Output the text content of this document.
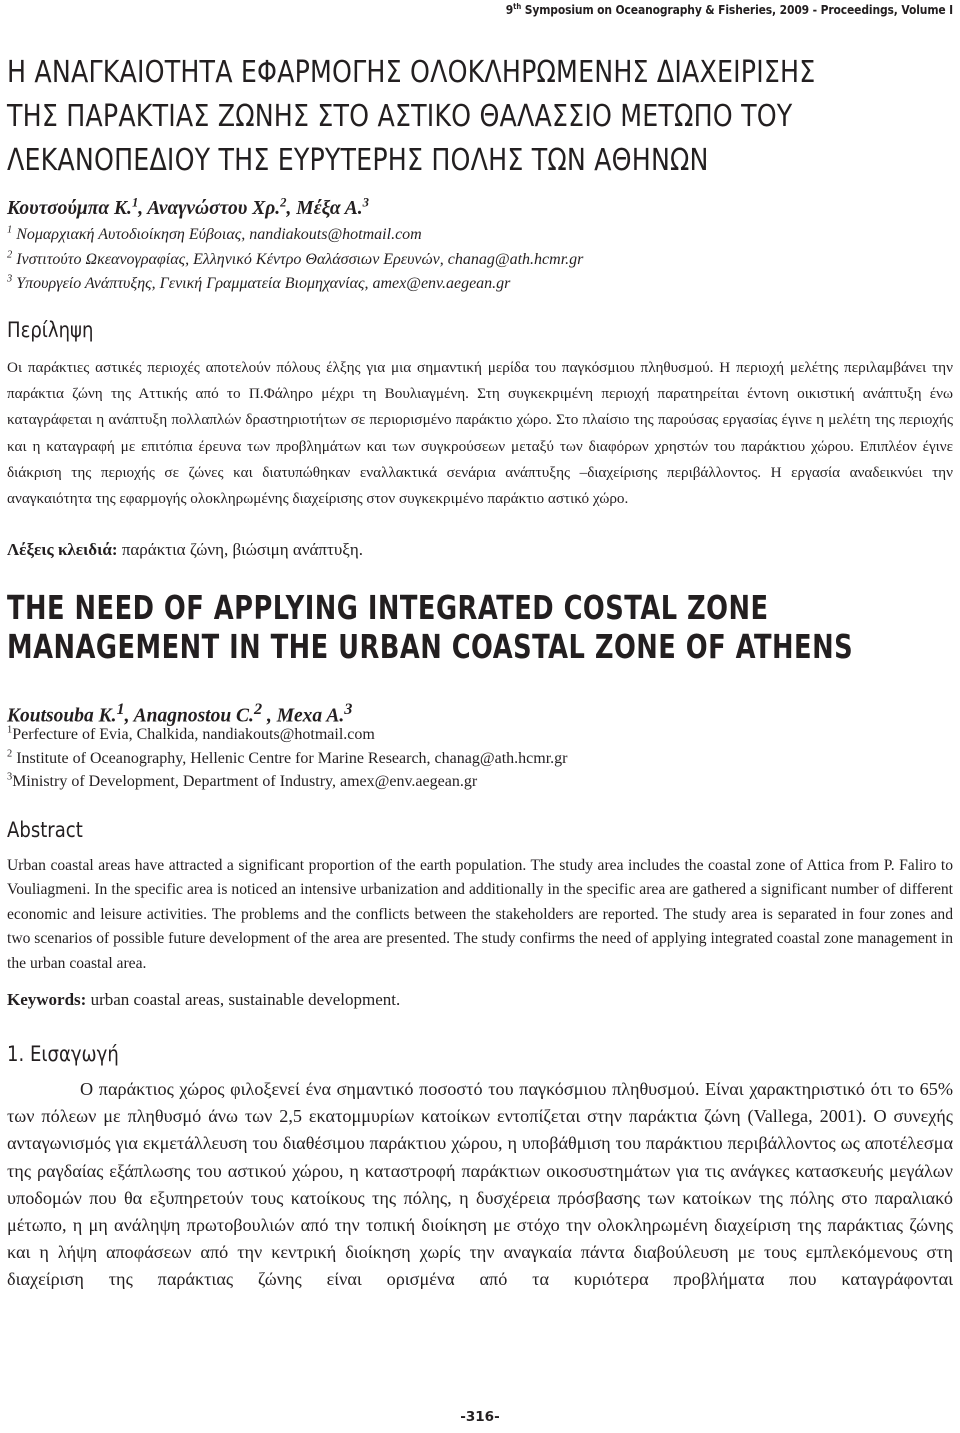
9th Symposium on Oceanography & Fisheries, 2009 - Proceedings, Volume I
Η ΑΝΑΓΚΑΙΟΤΗΤΑ ΕΦΑΡΜΟΓΗΣ ΟΛΟΚΛΗΡΩΜΕΝΗΣ ΔΙΑΧΕΙΡΙΣΗΣ
ΤΗΣ ΠΑΡΑΚΤΙΑΣ ΖΩΝΗΣ ΣΤΟ ΑΣΤΙΚΟ ΘΑΛΑΣΣΙΟ ΜΕΤΩΠΟ ΤΟΥ
ΛΕΚΑΝΟΠΕΔΙΟΥ ΤΗΣ ΕΥΡΥΤΕΡΗΣ ΠΟΛΗΣ ΤΩΝ ΑΘΗΝΩΝ
Κουτσούμπα Κ.$^1$, Αναγνώστου Χρ.$^2$, Μέξα Α.$^3$
$^1$ Νομαρχιακή Αυτοδιοίκηση Εύβοιας, nandiakouts@hotmail.com
$^2$ Ινστιτούτο Ωκεανογραφίας, Ελληνικό Κέντρο Θαλάσσιων Ερευνών, chanag@ath.hcmr.gr
$^3$ Υπουργείο Ανάπτυξης, Γενική Γραμματεία Βιομηχανίας, amex@env.aegean.gr
Περίληψη

Οι παράκτιες αστικές περιοχές αποτελούν πόλους έλξης για μια σημαντική μερίδα του παγκόσμιου πληθυσμού. Η περιοχή μελέτης περιλαμβάνει την παράκτια ζώνη της Αττικής από το Π.Φάληρο μέχρι τη Βουλιαγμένη. Στη συγκεκριμένη περιοχή παρατηρείται έντονη οικιστική ανάπτυξη ένω καταγράφεται η ανάπτυξη πολλαπλών δραστηριοτήτων σε περιορισμένο παράκτιο χώρο. Στο πλαίσιο της παρούσας εργασίας έγινε η μελέτη της περιοχής και η καταγραφή με επιτόπια έρευνα των προβλημάτων και των συγκρούσεων μεταξύ των διαφόρων χρηστών του παράκτιου χώρου. Επιπλέον έγινε διάκριση της περιοχής σε ζώνες και διατυπώθηκαν εναλλακτικά σενάρια ανάπτυξης –διαχείρισης περιβάλλοντος. Η εργασία αναδεικνύει την αναγκαιότητα της εφαρμογής ολοκληρωμένης διαχείρισης στον συγκεκριμένο παράκτιο αστικό χώρο.

Λέξεις κλειδιά: παράκτια ζώνη, βιώσιμη ανάπτυξη.
THE NEED OF APPLYING INTEGRATED COSTAL ZONE
MANAGEMENT IN THE URBAN COASTAL ZONE OF ATHENS
Koutsouba K.$^1$, Anagnostou C.$^2$ , Mexa A.$^3$
$^1$Perfecture of Evia, Chalkida, nandiakouts@hotmail.com
$^2$ Institute of Oceanography, Hellenic Centre for Marine Research, chanag@ath.hcmr.gr
$^3$Ministry of Development, Department of Industry, amex@env.aegean.gr
Abstract

Urban coastal areas have attracted a significant proportion of the earth population. The study area includes the coastal zone of Attica from P. Faliro to Vouliagmeni. In the specific area is noticed an intensive urbanization and additionally in the specific area are gathered a significant number of different economic and leisure activities. The problems and the conflicts between the stakeholders are reported. The study area is separated in four zones and two scenarios of possible future development of the area are presented. The study confirms the need of applying integrated coastal zone management in the urban coastal area.

Keywords: urban coastal areas, sustainable development.
1. Εισαγωγή

Ο παράκτιος χώρος φιλοξενεί ένα σημαντικό ποσοστό του παγκόσμιου πληθυσμού. Είναι χαρακτηριστικό ότι το 65% των πόλεων με πληθυσμό άνω των 2,5 εκατομμυρίων κατοίκων εντοπίζεται στην παράκτια ζώνη (Vallega, 2001). Ο συνεχής ανταγωνισμός για εκμετάλλευση του διαθέσιμου παράκτιου χώρου, η υποβάθμιση του παράκτιου περιβάλλοντος ως αποτέλεσμα της ραγδαίας εξάπλωσης του αστικού χώρου, η καταστροφή παράκτιων οικοσυστημάτων για τις ανάγκες κατασκευής μεγάλων υποδομών που θα εξυπηρετούν τους κατοίκους της πόλης, η δυσχέρεια πρόσβασης των κατοίκων της πόλης στο παραλιακό μέτωπο, η μη ανάληψη πρωτοβουλιών από την τοπική διοίκηση με στόχο την ολοκληρωμένη διαχείριση της παράκτιας ζώνης και η λήψη αποφάσεων από την κεντρική διοίκηση χωρίς την αναγκαία πάντα διαβούλευση με τους εμπλεκόμενους στη διαχείριση της παράκτιας ζώνης είναι ορισμένα από τα κυριότερα προβλήματα που καταγράφονται

-316-
